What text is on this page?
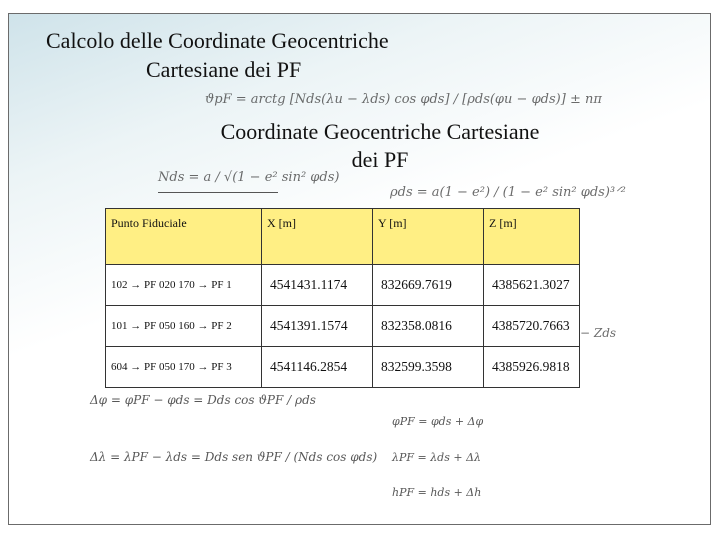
Calcolo delle Coordinate Geocentriche
Cartesiane dei PF
ϑpF = arctg [Nds(λu − λds) cos φds] / [ρds(φu − φds)] ± nπ
Nds = a / √(1 − e² sin² φds)
ρds = a(1 − e²) / (1 − e² sin² φds)³ᐟ²
− Zds
Coordinate Geocentriche Cartesiane
dei PF
Punto Fiduciale	X [m]	Y [m]	Z [m]
102 → PF 020 170 → PF 1	4541431.1174	832669.7619	4385621.3027
101 → PF 050 160 → PF 2	4541391.1574	832358.0816	4385720.7663
604 → PF 050 170 → PF 3	4541146.2854	832599.3598	4385926.9818
Δφ = φPF − φds = Dds cos ϑPF / ρds
Δλ = λPF − λds = Dds sen ϑPF / (Nds cos φds)
φPF = φds + Δφ
λPF = λds + Δλ
hPF = hds + Δh
